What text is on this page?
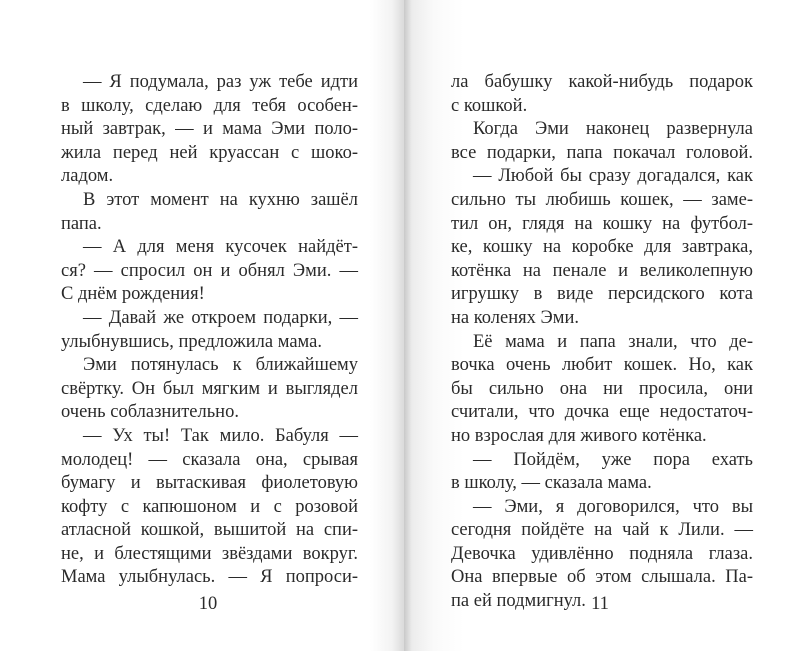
— Я подумала, раз уж тебе идти
в школу, сделаю для тебя особен-
ный завтрак, — и мама Эми поло-
жила перед ней круассан с шоко-
ладом.
В этот момент на кухню зашёл
папа.
— А для меня кусочек найдёт-
ся? — спросил он и обнял Эми. —
С днём рождения!
— Давай же откроем подарки, —
улыбнувшись, предложила мама.
Эми потянулась к ближайшему
свёртку. Он был мягким и выглядел
очень соблазнительно.
— Ух ты! Так мило. Бабуля —
молодец! — сказала она, срывая
бумагу и вытаскивая фиолетовую
кофту с капюшоном и с розовой
атласной кошкой, вышитой на спи-
не, и блестящими звёздами вокруг.
Мама улыбнулась. — Я попроси-
10
ла бабушку какой-нибудь подарок
с кошкой.
Когда Эми наконец развернула
все подарки, папа покачал головой.
— Любой бы сразу догадался, как
сильно ты любишь кошек, — заме-
тил он, глядя на кошку на футбол-
ке, кошку на коробке для завтрака,
котёнка на пенале и великолепную
игрушку в виде персидского кота
на коленях Эми.
Её мама и папа знали, что де-
вочка очень любит кошек. Но, как
бы сильно она ни просила, они
считали, что дочка еще недостаточ-
но взрослая для живого котёнка.
— Пойдём, уже пора ехать
в школу, — сказала мама.
— Эми, я договорился, что вы
сегодня пойдёте на чай к Лили. —
Девочка удивлённо подняла глаза.
Она впервые об этом слышала. Па-
па ей подмигнул. 11
